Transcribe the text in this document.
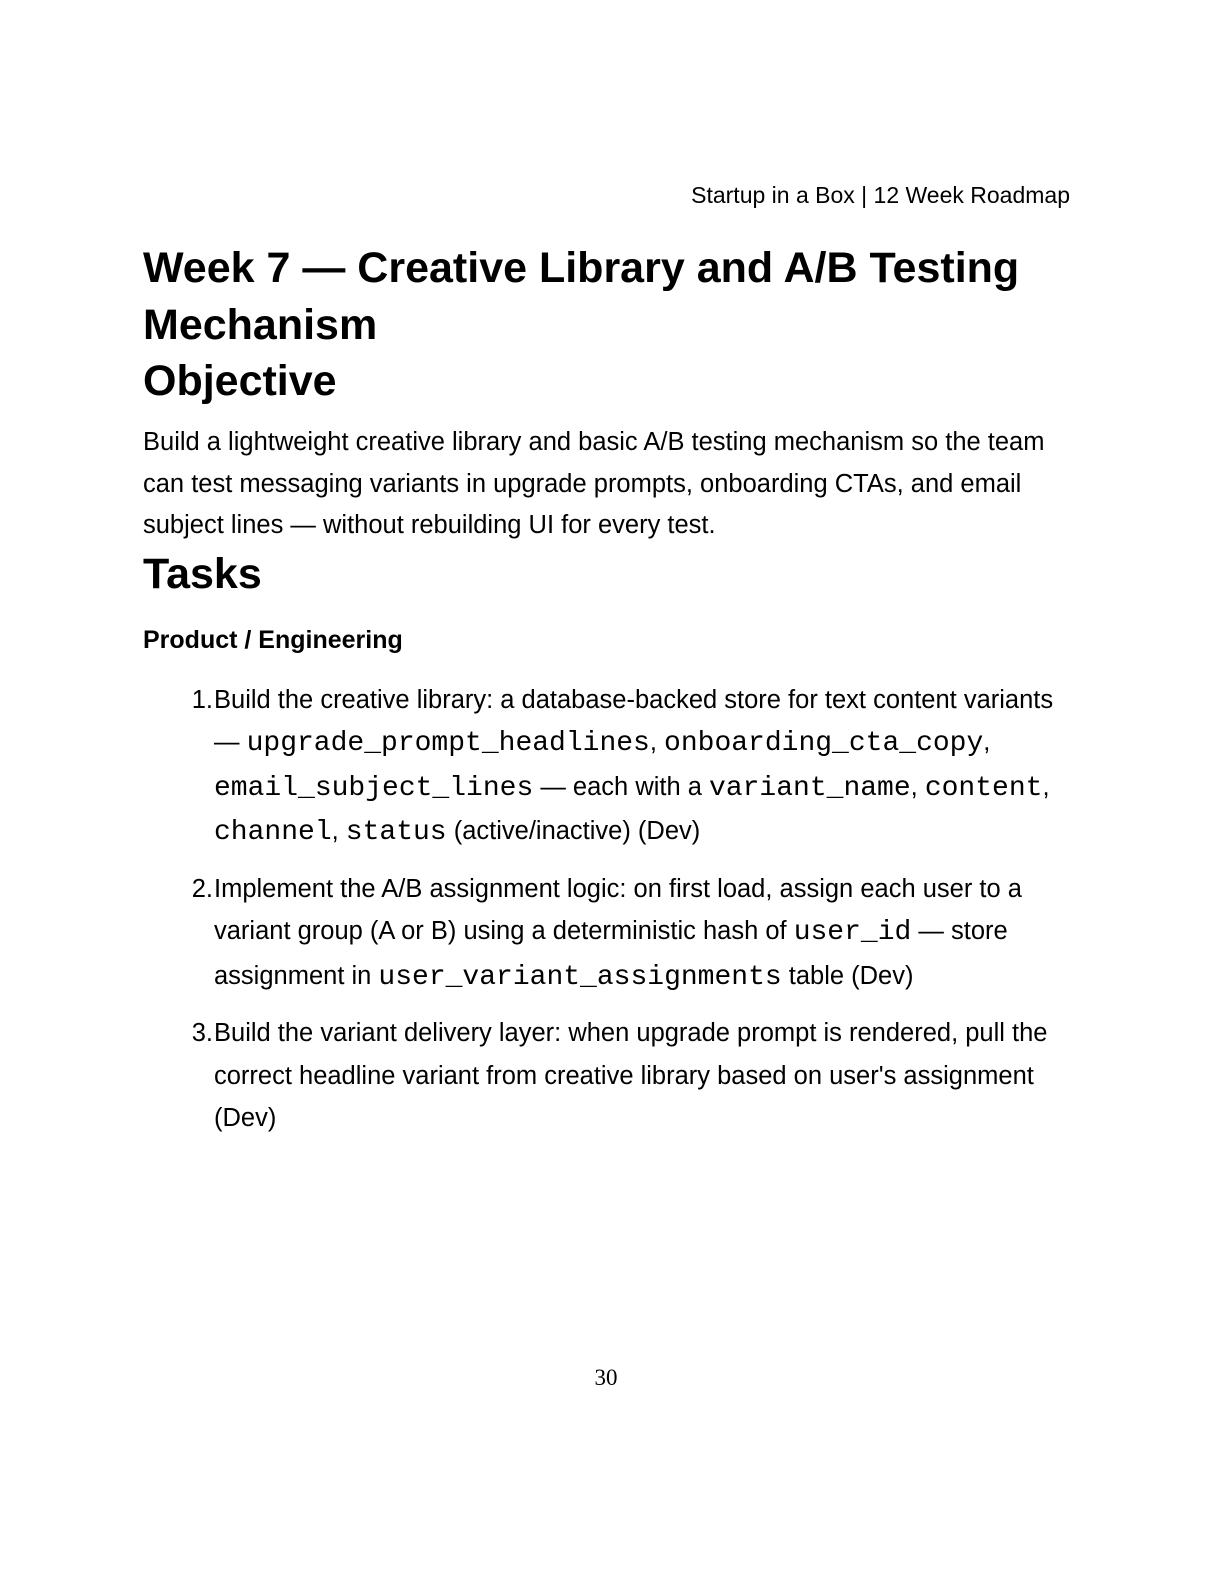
Startup in a Box | 12 Week Roadmap
Week 7 — Creative Library and A/B Testing Mechanism
Objective

Build a lightweight creative library and basic A/B testing mechanism so the team can test messaging variants in upgrade prompts, onboarding CTAs, and email subject lines — without rebuilding UI for every test.

Tasks
Product / Engineering
1. Build the creative library: a database-backed store for text content variants — upgrade_prompt_headlines, onboarding_cta_copy, email_subject_lines — each with a variant_name, content, channel, status (active/inactive) (Dev)
2. Implement the A/B assignment logic: on first load, assign each user to a variant group (A or B) using a deterministic hash of user_id — store assignment in user_variant_assignments table (Dev)
3. Build the variant delivery layer: when upgrade prompt is rendered, pull the correct headline variant from creative library based on user's assignment (Dev)
30
